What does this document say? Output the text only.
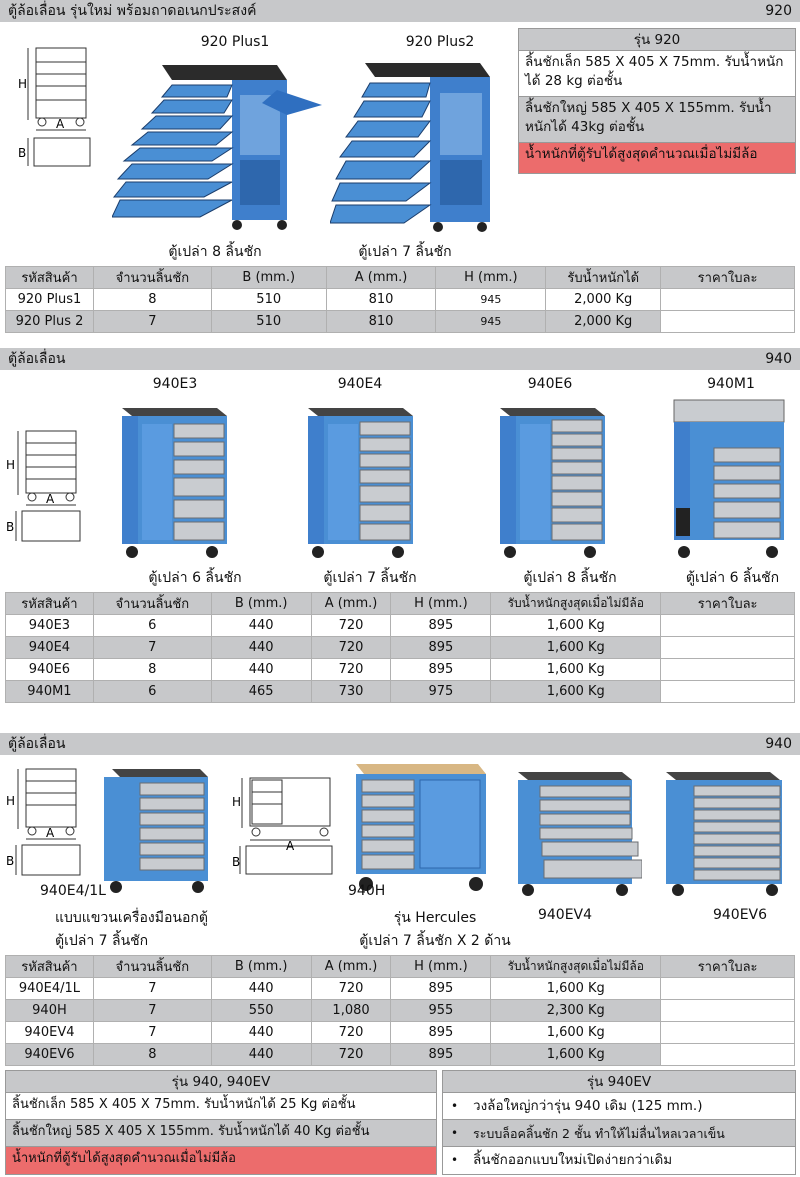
ตู้ล้อเลื่อน รุ่นใหม่ พร้อมถาดอเนกประสงค์	920
H
A
B
920 Plus1	920 Plus2
ตู้เปล่า 8 ลิ้นชัก	ตู้เปล่า 7 ลิ้นชัก
รุ่น 920
ลิ้นชักเล็ก 585 X 405 X 75mm. รับน้ำหนักได้ 28 kg ต่อชั้น
ลิ้นชักใหญ่ 585 X 405 X 155mm. รับน้ำหนักได้ 43kg ต่อชั้น
น้ำหนักที่ตู้รับได้สูงสุดคำนวณเมื่อไม่มีล้อ
รหัสสินค้า	จำนวนลิ้นชัก	B (mm.)	A (mm.)	H (mm.)	รับน้ำหนักได้	ราคาใบละ
920 Plus1	8	510	810	945	2,000 Kg	
920 Plus 2	7	510	810	945	2,000 Kg	
ตู้ล้อเลื่อน	940
H
A
B
940E3	940E4	940E6	940M1
ตู้เปล่า 6 ลิ้นชัก	ตู้เปล่า 7 ลิ้นชัก	ตู้เปล่า 8 ลิ้นชัก	ตู้เปล่า 6 ลิ้นชัก
รหัสสินค้า	จำนวนลิ้นชัก	B (mm.)	A (mm.)	H (mm.)	รับน้ำหนักสูงสุดเมื่อไม่มีล้อ	ราคาใบละ
940E3	6	440	720	895	1,600 Kg	
940E4	7	440	720	895	1,600 Kg	
940E6	8	440	720	895	1,600 Kg	
940M1	6	465	730	975	1,600 Kg	
ตู้ล้อเลื่อน	940
H
A
B
H
A
B
940E4/1L	940H
แบบแขวนเครื่องมือนอกตู้
ตู้เปล่า 7 ลิ้นชัก
รุ่น Hercules
ตู้เปล่า 7 ลิ้นชัก X 2 ด้าน
940EV4	940EV6
รหัสสินค้า	จำนวนลิ้นชัก	B (mm.)	A (mm.)	H (mm.)	รับน้ำหนักสูงสุดเมื่อไม่มีล้อ	ราคาใบละ
940E4/1L	7	440	720	895	1,600 Kg	
940H	7	550	1,080	955	2,300 Kg	
940EV4	7	440	720	895	1,600 Kg	
940EV6	8	440	720	895	1,600 Kg	
รุ่น 940, 940EV
ลิ้นชักเล็ก 585 X 405 X 75mm. รับน้ำหนักได้ 25 Kg ต่อชั้น
ลิ้นชักใหญ่ 585 X 405 X 155mm. รับน้ำหนักได้ 40 Kg ต่อชั้น
น้ำหนักที่ตู้รับได้สูงสุดคำนวณเมื่อไม่มีล้อ
รุ่น 940EV
•	วงล้อใหญ่กว่ารุ่น 940 เดิม (125 mm.)
•	ระบบล็อคลิ้นชัก 2 ชั้น ทำให้ไม่ลื่นไหลเวลาเข็น
•	ลิ้นชักออกแบบใหม่เปิดง่ายกว่าเดิม
